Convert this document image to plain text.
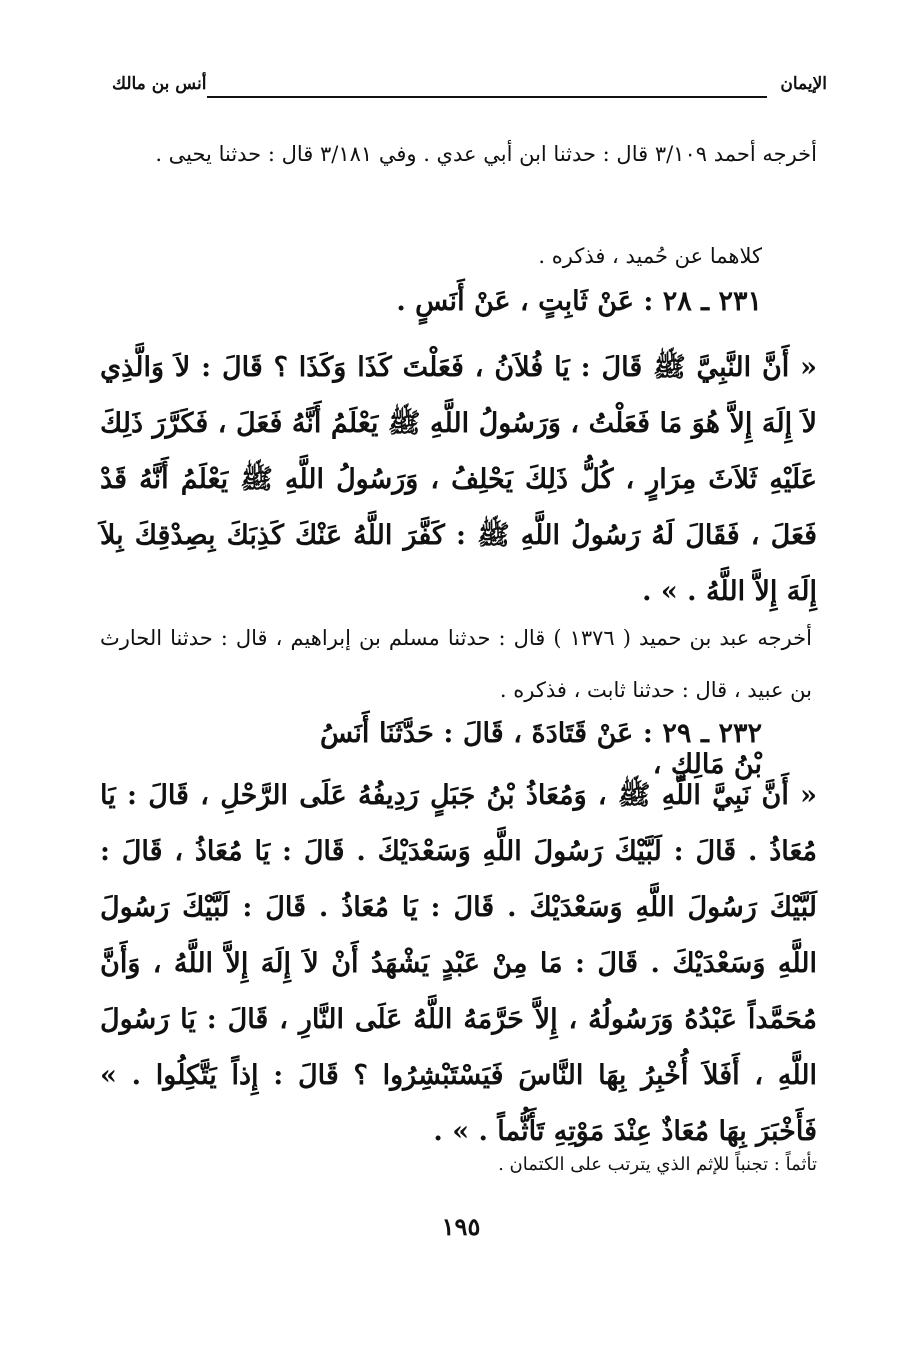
الإيمان
أنس بن مالك
أخرجه أحمد ٣/١٠٩ قال : حدثنا ابن أبي عدي . وفي ٣/١٨١ قال : حدثنا يحيى .
كلاهما عن حُميد ، فذكره .
٢٣١ ـ ٢٨ : عَنْ ثَابِتٍ ، عَنْ أَنَسٍ .
« أَنَّ النَّبِيَّ ﷺ قَالَ : يَا فُلاَنُ ، فَعَلْتَ كَذَا وَكَذَا ؟ قَالَ : لاَ وَالَّذِي لاَ إِلَهَ إِلاَّ هُوَ مَا فَعَلْتُ ، وَرَسُولُ اللَّهِ ﷺ يَعْلَمُ أَنَّهُ فَعَلَ ، فَكَرَّرَ ذَلِكَ عَلَيْهِ ثَلاَثَ مِرَارٍ ، كُلُّ ذَلِكَ يَحْلِفُ ، وَرَسُولُ اللَّهِ ﷺ يَعْلَمُ أَنَّهُ قَدْ فَعَلَ ، فَقَالَ لَهُ رَسُولُ اللَّهِ ﷺ : كَفَّرَ اللَّهُ عَنْكَ كَذِبَكَ بِصِدْقِكَ بِلاَ إِلَهَ إِلاَّ اللَّهُ . » .
أخرجه عبد بن حميد ( ١٣٧٦ ) قال : حدثنا مسلم بن إبراهيم ، قال : حدثنا الحارث بن عبيد ، قال : حدثنا ثابت ، فذكره .
٢٣٢ ـ ٢٩ : عَنْ قَتَادَةَ ، قَالَ : حَدَّثَنَا أَنَسُ بْنُ مَالِكٍ ،
« أَنَّ نَبِيَّ اللَّهِ ﷺ ، وَمُعَاذُ بْنُ جَبَلٍ رَدِيفُهُ عَلَى الرَّحْلِ ، قَالَ : يَا مُعَاذُ . قَالَ : لَبَّيْكَ رَسُولَ اللَّهِ وَسَعْدَيْكَ . قَالَ : يَا مُعَاذُ ، قَالَ : لَبَّيْكَ رَسُولَ اللَّهِ وَسَعْدَيْكَ . قَالَ : يَا مُعَاذُ . قَالَ : لَبَّيْكَ رَسُولَ اللَّهِ وَسَعْدَيْكَ . قَالَ : مَا مِنْ عَبْدٍ يَشْهَدُ أَنْ لاَ إِلَهَ إِلاَّ اللَّهُ ، وَأَنَّ مُحَمَّداً عَبْدُهُ وَرَسُولُهُ ، إِلاَّ حَرَّمَهُ اللَّهُ عَلَى النَّارِ ، قَالَ : يَا رَسُولَ اللَّهِ ، أَفَلاَ أُخْبِرُ بِهَا النَّاسَ فَيَسْتَبْشِرُوا ؟ قَالَ : إِذاً يَتَّكِلُوا . » فَأَخْبَرَ بِهَا مُعَاذٌ عِنْدَ مَوْتِهِ تَأَثُّماً . » .
تأثماً : تجنباً للإثم الذي يترتب على الكتمان .
١٩٥
